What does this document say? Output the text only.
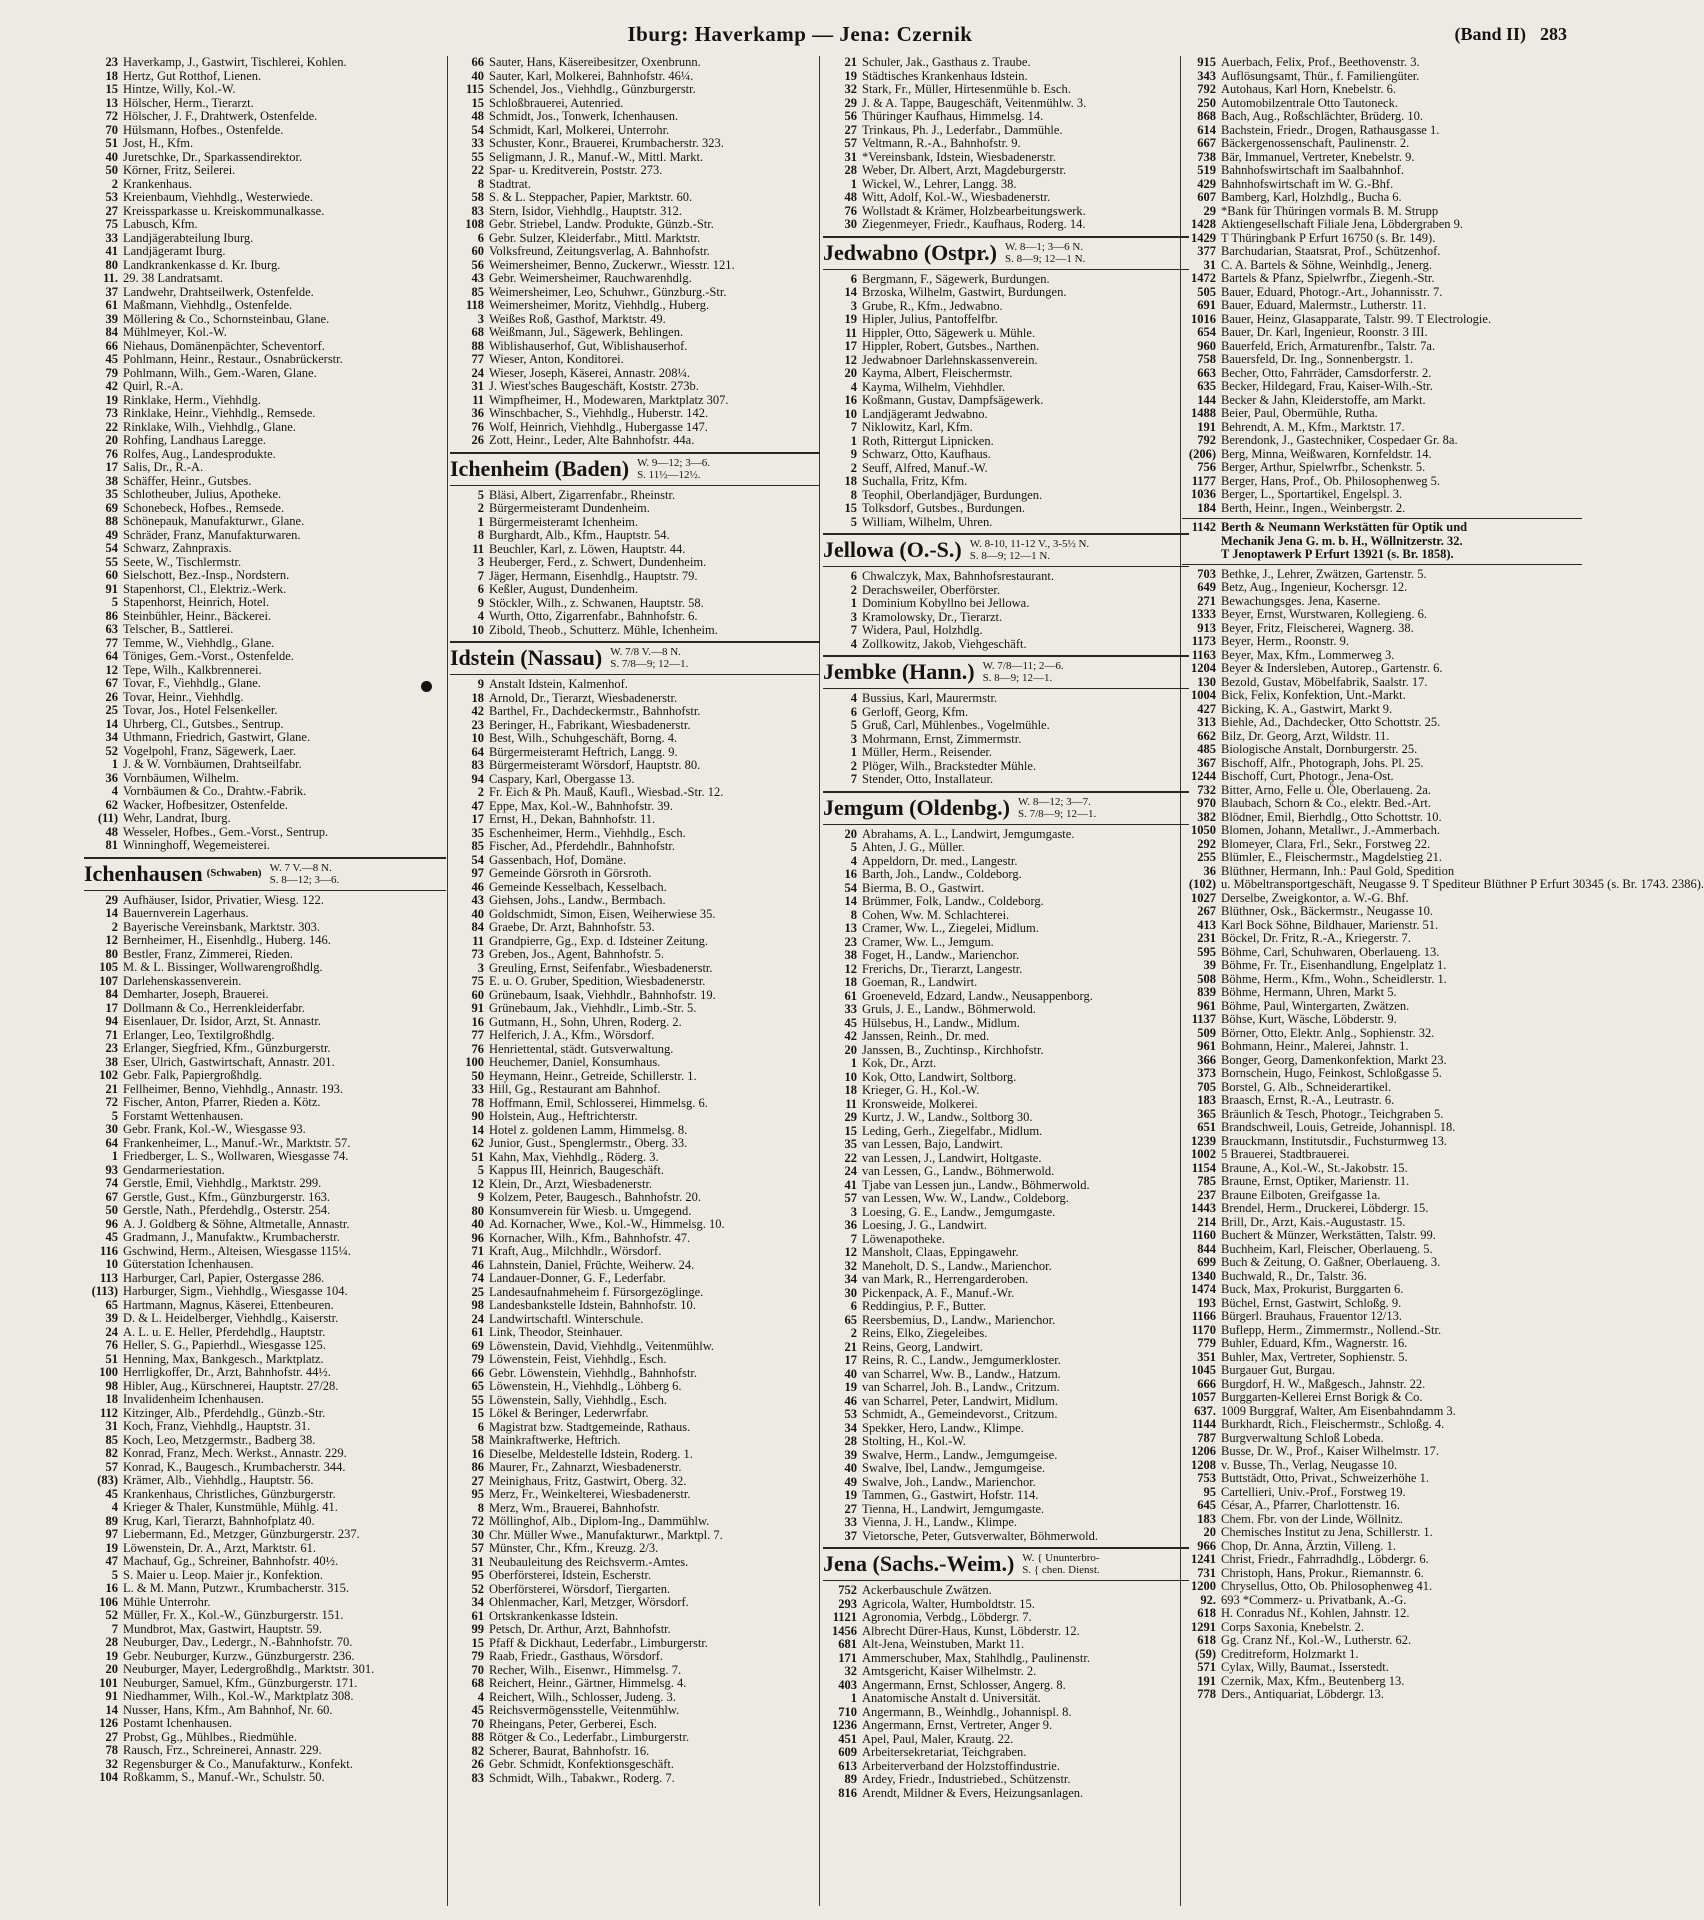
Iburg: Haverkamp — Jena: Czernik	(Band II) 283
23 Haverkamp, J., Gastwirt, Tischlerei, Kohlen.
18 Hertz, Gut Rotthof, Lienen.
15 Hintze, Willy, Kol.-W.
13 Hölscher, Herm., Tierarzt.
72 Hölscher, J. F., Drahtwerk, Ostenfelde.
70 Hülsmann, Hofbes., Ostenfelde.
51 Jost, H., Kfm.
40 Juretschke, Dr., Sparkassendirektor.
50 Körner, Fritz, Seilerei.
2 Krankenhaus.
53 Kreienbaum, Viehhdlg., Westerwiede.
27 Kreissparkasse u. Kreiskommunalkasse.
75 Labusch, Kfm.
33 Landjägerabteilung Iburg.
41 Landjägeramt Iburg.
80 Landkrankenkasse d. Kr. Iburg.
11. 29. 38 Landratsamt.
37 Landwehr, Drahtseilwerk, Ostenfelde.
61 Maßmann, Viehhdlg., Ostenfelde.
39 Möllering & Co., Schornsteinbau, Glane.
84 Mühlmeyer, Kol.-W.
66 Niehaus, Domänenpächter, Scheventorf.
45 Pohlmann, Heinr., Restaur., Osnabrückerstr.
79 Pohlmann, Wilh., Gem.-Waren, Glane.
42 Quirl, R.-A.
19 Rinklake, Herm., Viehhdlg.
73 Rinklake, Heinr., Viehhdlg., Remsede.
22 Rinklake, Wilh., Viehhdlg., Glane.
20 Rohfing, Landhaus Laregge.
76 Rolfes, Aug., Landesprodukte.
17 Salis, Dr., R.-A.
38 Schäffer, Heinr., Gutsbes.
35 Schlotheuber, Julius, Apotheke.
69 Schonebeck, Hofbes., Remsede.
88 Schönepauk, Manufakturwr., Glane.
49 Schräder, Franz, Manufakturwaren.
54 Schwarz, Zahnpraxis.
55 Seete, W., Tischlermstr.
60 Sielschott, Bez.-Insp., Nordstern.
91 Stapenhorst, Cl., Elektriz.-Werk.
5 Stapenhorst, Heinrich, Hotel.
86 Steinbühler, Heinr., Bäckerei.
63 Telscher, B., Sattlerei.
77 Temme, W., Viehhdlg., Glane.
64 Töniges, Gem.-Vorst., Ostenfelde.
12 Tepe, Wilh., Kalkbrennerei.
67 Tovar, F., Viehhdlg., Glane.
26 Tovar, Heinr., Viehhdlg.
25 Tovar, Jos., Hotel Felsenkeller.
14 Uhrberg, Cl., Gutsbes., Sentrup.
34 Uthmann, Friedrich, Gastwirt, Glane.
52 Vogelpohl, Franz, Sägewerk, Laer.
1 J. & W. Vornbäumen, Drahtseilfabr.
36 Vornbäumen, Wilhelm.
4 Vornbäumen & Co., Drahtw.-Fabrik.
62 Wacker, Hofbesitzer, Ostenfelde.
(11) Wehr, Landrat, Iburg.
48 Wesseler, Hofbes., Gem.-Vorst., Sentrup.
81 Winninghoff, Wegemeisterei.
Ichenhausen (Schwaben) W. 7 V.—8 N.
S. 8—12; 3—6.
29 Aufhäuser, Isidor, Privatier, Wiesg. 122.
14 Bauernverein Lagerhaus.
2 Bayerische Vereinsbank, Marktstr. 303.
12 Bernheimer, H., Eisenhdlg., Huberg. 146.
80 Bestler, Franz, Zimmerei, Rieden.
105 M. & L. Bissinger, Wollwarengroßhdlg.
107 Darlehenskassenverein.
84 Demharter, Joseph, Brauerei.
17 Dollmann & Co., Herrenkleiderfabr.
94 Eisenlauer, Dr. Isidor, Arzt, St. Annastr.
71 Erlanger, Leo, Textilgroßhdlg.
23 Erlanger, Siegfried, Kfm., Günzburgerstr.
38 Eser, Ulrich, Gastwirtschaft, Annastr. 201.
102 Gebr. Falk, Papiergroßhdlg.
21 Fellheimer, Benno, Viehhdlg., Annastr. 193.
72 Fischer, Anton, Pfarrer, Rieden a. Kötz.
5 Forstamt Wettenhausen.
30 Gebr. Frank, Kol.-W., Wiesgasse 93.
64 Frankenheimer, L., Manuf.-Wr., Marktstr. 57.
1 Friedberger, L. S., Wollwaren, Wiesgasse 74.
93 Gendarmeriestation.
74 Gerstle, Emil, Viehhdlg., Marktstr. 299.
67 Gerstle, Gust., Kfm., Günzburgerstr. 163.
50 Gerstle, Nath., Pferdehdlg., Osterstr. 254.
96 A. J. Goldberg & Söhne, Altmetalle, Annastr.
45 Gradmann, J., Manufaktw., Krumbacherstr.
116 Gschwind, Herm., Alteisen, Wiesgasse 115¼.
10 Güterstation Ichenhausen.
113 Harburger, Carl, Papier, Ostergasse 286.
(113) Harburger, Sigm., Viehhdlg., Wiesgasse 104.
65 Hartmann, Magnus, Käserei, Ettenbeuren.
39 D. & L. Heidelberger, Viehhdlg., Kaiserstr.
24 A. L. u. E. Heller, Pferdehdlg., Hauptstr.
76 Heller, S. G., Papierhdl., Wiesgasse 125.
51 Henning, Max, Bankgesch., Marktplatz.
100 Herrligkoffer, Dr., Arzt, Bahnhofstr. 44½.
98 Hibler, Aug., Kürschnerei, Hauptstr. 27/28.
18 Invalidenheim Ichenhausen.
112 Kitzinger, Alb., Pferdehdlg., Günzb.-Str.
31 Koch, Franz, Viehhdlg., Hauptstr. 31.
85 Koch, Leo, Metzgermstr., Badberg 38.
82 Konrad, Franz, Mech. Werkst., Annastr. 229.
57 Konrad, K., Baugesch., Krumbacherstr. 344.
(83) Krämer, Alb., Viehhdlg., Hauptstr. 56.
45 Krankenhaus, Christliches, Günzburgerstr.
4 Krieger & Thaler, Kunstmühle, Mühlg. 41.
89 Krug, Karl, Tierarzt, Bahnhofplatz 40.
97 Liebermann, Ed., Metzger, Günzburgerstr. 237.
19 Löwenstein, Dr. A., Arzt, Marktstr. 61.
47 Machauf, Gg., Schreiner, Bahnhofstr. 40½.
5 S. Maier u. Leop. Maier jr., Konfektion.
16 L. & M. Mann, Putzwr., Krumbacherstr. 315.
106 Mühle Unterrohr.
52 Müller, Fr. X., Kol.-W., Günzburgerstr. 151.
7 Mundbrot, Max, Gastwirt, Hauptstr. 59.
28 Neuburger, Dav., Ledergr., N.-Bahnhofstr. 70.
19 Gebr. Neuburger, Kurzw., Günzburgerstr. 236.
20 Neuburger, Mayer, Ledergroßhdlg., Marktstr. 301.
101 Neuburger, Samuel, Kfm., Günzburgerstr. 171.
91 Niedhammer, Wilh., Kol.-W., Marktplatz 308.
14 Nusser, Hans, Kfm., Am Bahnhof, Nr. 60.
126 Postamt Ichenhausen.
27 Probst, Gg., Mühlbes., Riedmühle.
78 Rausch, Frz., Schreinerei, Annastr. 229.
32 Regensburger & Co., Manufakturw., Konfekt.
104 Roßkamm, S., Manuf.-Wr., Schulstr. 50.
66 Sauter, Hans, Käsereibesitzer, Oxenbrunn.
40 Sauter, Karl, Molkerei, Bahnhofstr. 46¼.
115 Schendel, Jos., Viehhdlg., Günzburgerstr.
15 Schloßbrauerei, Autenried.
48 Schmidt, Jos., Tonwerk, Ichenhausen.
54 Schmidt, Karl, Molkerei, Unterrohr.
33 Schuster, Konr., Brauerei, Krumbacherstr. 323.
55 Seligmann, J. R., Manuf.-W., Mittl. Markt.
22 Spar- u. Kreditverein, Poststr. 273.
8 Stadtrat.
58 S. & L. Steppacher, Papier, Marktstr. 60.
83 Stern, Isidor, Viehhdlg., Hauptstr. 312.
108 Gebr. Striebel, Landw. Produkte, Günzb.-Str.
6 Gebr. Sulzer, Kleiderfabr., Mittl. Marktstr.
60 Volksfreund, Zeitungsverlag, A. Bahnhofstr.
56 Weimersheimer, Benno, Zuckerwr., Wiesstr. 121.
43 Gebr. Weimersheimer, Rauchwarenhdlg.
85 Weimersheimer, Leo, Schuhwr., Günzburg.-Str.
118 Weimersheimer, Moritz, Viehhdlg., Huberg.
3 Weißes Roß, Gasthof, Marktstr. 49.
68 Weißmann, Jul., Sägewerk, Behlingen.
88 Wiblishauserhof, Gut, Wiblishauserhof.
77 Wieser, Anton, Konditorei.
24 Wieser, Joseph, Käserei, Annastr. 208¼.
31 J. Wiest'sches Baugeschäft, Koststr. 273b.
11 Wimpfheimer, H., Modewaren, Marktplatz 307.
36 Winschbacher, S., Viehhdlg., Huberstr. 142.
76 Wolf, Heinrich, Viehhdlg., Hubergasse 147.
26 Zott, Heinr., Leder, Alte Bahnhofstr. 44a.
Ichenheim (Baden) W. 9—12; 3—6.
S. 11½—12½.
5 Bläsi, Albert, Zigarrenfabr., Rheinstr.
2 Bürgermeisteramt Dundenheim.
1 Bürgermeisteramt Ichenheim.
8 Burghardt, Alb., Kfm., Hauptstr. 54.
11 Beuchler, Karl, z. Löwen, Hauptstr. 44.
3 Heuberger, Ferd., z. Schwert, Dundenheim.
7 Jäger, Hermann, Eisenhdlg., Hauptstr. 79.
6 Keßler, August, Dundenheim.
9 Stöckler, Wilh., z. Schwanen, Hauptstr. 58.
4 Wurth, Otto, Zigarrenfabr., Bahnhofstr. 6.
10 Zibold, Theob., Schutterz. Mühle, Ichenheim.
Idstein (Nassau) W. 7/8 V.—8 N.
S. 7/8—9; 12—1.
9 Anstalt Idstein, Kalmenhof.
18 Arnold, Dr., Tierarzt, Wiesbadenerstr.
42 Barthel, Fr., Dachdeckermstr., Bahnhofstr.
23 Beringer, H., Fabrikant, Wiesbadenerstr.
10 Best, Wilh., Schuhgeschäft, Borng. 4.
64 Bürgermeisteramt Heftrich, Langg. 9.
83 Bürgermeisteramt Wörsdorf, Hauptstr. 80.
94 Caspary, Karl, Obergasse 13.
2 Fr. Eich & Ph. Mauß, Kaufl., Wiesbad.-Str. 12.
47 Eppe, Max, Kol.-W., Bahnhofstr. 39.
17 Ernst, H., Dekan, Bahnhofstr. 11.
35 Eschenheimer, Herm., Viehhdlg., Esch.
85 Fischer, Ad., Pferdehdlr., Bahnhofstr.
54 Gassenbach, Hof, Domäne.
97 Gemeinde Görsroth in Görsroth.
46 Gemeinde Kesselbach, Kesselbach.
43 Giehsen, Johs., Landw., Bermbach.
40 Goldschmidt, Simon, Eisen, Weiherwiese 35.
84 Graebe, Dr. Arzt, Bahnhofstr. 53.
11 Grandpierre, Gg., Exp. d. Idsteiner Zeitung.
73 Greben, Jos., Agent, Bahnhofstr. 5.
3 Greuling, Ernst, Seifenfabr., Wiesbadenerstr.
75 E. u. O. Gruber, Spedition, Wiesbadenerstr.
60 Grünebaum, Isaak, Viehhdlr., Bahnhofstr. 19.
91 Grünebaum, Jak., Viehhdlr., Limb.-Str. 5.
16 Gutmann, H., Sohn, Uhren, Roderg. 2.
77 Helferich, J. A., Kfm., Wörsdorf.
76 Henriettental, städt. Gutsverwaltung.
100 Heuchemer, Daniel, Konsumhaus.
50 Heymann, Heinr., Getreide, Schillerstr. 1.
33 Hill, Gg., Restaurant am Bahnhof.
78 Hoffmann, Emil, Schlosserei, Himmelsg. 6.
90 Holstein, Aug., Heftrichterstr.
14 Hotel z. goldenen Lamm, Himmelsg. 8.
62 Junior, Gust., Spenglermstr., Oberg. 33.
51 Kahn, Max, Viehhdlg., Röderg. 3.
5 Kappus III, Heinrich, Baugeschäft.
12 Klein, Dr., Arzt, Wiesbadenerstr.
9 Kolzem, Peter, Baugesch., Bahnhofstr. 20.
80 Konsumverein für Wiesb. u. Umgegend.
40 Ad. Kornacher, Wwe., Kol.-W., Himmelsg. 10.
96 Kornacher, Wilh., Kfm., Bahnhofstr. 47.
71 Kraft, Aug., Milchhdlr., Wörsdorf.
46 Lahnstein, Daniel, Früchte, Weiherw. 24.
74 Landauer-Donner, G. F., Lederfabr.
25 Landesaufnahmeheim f. Fürsorgezöglinge.
98 Landesbankstelle Idstein, Bahnhofstr. 10.
24 Landwirtschaftl. Winterschule.
61 Link, Theodor, Steinhauer.
69 Löwenstein, David, Viehhdlg., Veitenmühlw.
79 Löwenstein, Feist, Viehhdlg., Esch.
66 Gebr. Löwenstein, Viehhdlg., Bahnhofstr.
65 Löwenstein, H., Viehhdlg., Löhberg 6.
55 Löwenstein, Sally, Viehhdlg., Esch.
15 Lökel & Beringer, Lederwrfabr.
6 Magistrat bzw. Stadtgemeinde, Rathaus.
58 Mainkraftwerke, Heftrich.
16 Dieselbe, Meldestelle Idstein, Roderg. 1.
86 Maurer, Fr., Zahnarzt, Wiesbadenerstr.
27 Meinighaus, Fritz, Gastwirt, Oberg. 32.
95 Merz, Fr., Weinkelterei, Wiesbadenerstr.
8 Merz, Wm., Brauerei, Bahnhofstr.
72 Möllinghof, Alb., Diplom-Ing., Dammühlw.
30 Chr. Müller Wwe., Manufakturwr., Marktpl. 7.
57 Münster, Chr., Kfm., Kreuzg. 2/3.
31 Neubauleitung des Reichsverm.-Amtes.
95 Oberförsterei, Idstein, Escherstr.
52 Oberförsterei, Wörsdorf, Tiergarten.
34 Ohlenmacher, Karl, Metzger, Wörsdorf.
61 Ortskrankenkasse Idstein.
99 Petsch, Dr. Arthur, Arzt, Bahnhofstr.
15 Pfaff & Dickhaut, Lederfabr., Limburgerstr.
79 Raab, Friedr., Gasthaus, Wörsdorf.
70 Recher, Wilh., Eisenwr., Himmelsg. 7.
68 Reichert, Heinr., Gärtner, Himmelsg. 4.
4 Reichert, Wilh., Schlosser, Judeng. 3.
45 Reichsvermögensstelle, Veitenmühlw.
70 Rheingans, Peter, Gerberei, Esch.
88 Rötger & Co., Lederfabr., Limburgerstr.
82 Scherer, Baurat, Bahnhofstr. 16.
26 Gebr. Schmidt, Konfektionsgeschäft.
83 Schmidt, Wilh., Tabakwr., Roderg. 7.
21 Schuler, Jak., Gasthaus z. Traube.
19 Städtisches Krankenhaus Idstein.
32 Stark, Fr., Müller, Hirtesenmühle b. Esch.
29 J. & A. Tappe, Baugeschäft, Veitenmühlw. 3.
56 Thüringer Kaufhaus, Himmelsg. 14.
27 Trinkaus, Ph. J., Lederfabr., Dammühle.
57 Veltmann, R.-A., Bahnhofstr. 9.
31 *Vereinsbank, Idstein, Wiesbadenerstr.
28 Weber, Dr. Albert, Arzt, Magdeburgerstr.
1 Wickel, W., Lehrer, Langg. 38.
48 Witt, Adolf, Kol.-W., Wiesbadenerstr.
76 Wollstadt & Krämer, Holzbearbeitungswerk.
30 Ziegenmeyer, Friedr., Kaufhaus, Roderg. 14.
Jedwabno (Ostpr.) W. 8—1; 3—6 N.
S. 8—9; 12—1 N.
6 Bergmann, F., Sägewerk, Burdungen.
14 Brzoska, Wilhelm, Gastwirt, Burdungen.
3 Grube, R., Kfm., Jedwabno.
19 Hipler, Julius, Pantoffelfbr.
11 Hippler, Otto, Sägewerk u. Mühle.
17 Hippler, Robert, Gutsbes., Narthen.
12 Jedwabnoer Darlehnskassenverein.
20 Kayma, Albert, Fleischermstr.
4 Kayma, Wilhelm, Viehhdler.
16 Koßmann, Gustav, Dampfsägewerk.
10 Landjägeramt Jedwabno.
7 Niklowitz, Karl, Kfm.
1 Roth, Rittergut Lipnicken.
9 Schwarz, Otto, Kaufhaus.
2 Seuff, Alfred, Manuf.-W.
18 Suchalla, Fritz, Kfm.
8 Teophil, Oberlandjäger, Burdungen.
15 Tolksdorf, Gutsbes., Burdungen.
5 William, Wilhelm, Uhren.
Jellowa (O.-S.) W. 8-10, 11-12 V., 3-5½ N.
S. 8—9; 12—1 N.
6 Chwalczyk, Max, Bahnhofsrestaurant.
2 Derachsweiler, Oberförster.
1 Dominium Kobyllno bei Jellowa.
3 Kramolowsky, Dr., Tierarzt.
7 Widera, Paul, Holzhdlg.
4 Zollkowitz, Jakob, Viehgeschäft.
Jembke (Hann.) W. 7/8—11; 2—6.
S. 8—9; 12—1.
4 Bussius, Karl, Maurermstr.
6 Gerloff, Georg, Kfm.
5 Gruß, Carl, Mühlenbes., Vogelmühle.
3 Mohrmann, Ernst, Zimmermstr.
1 Müller, Herm., Reisender.
2 Plöger, Wilh., Brackstedter Mühle.
7 Stender, Otto, Installateur.
Jemgum (Oldenbg.) W. 8—12; 3—7.
S. 7/8—9; 12—1.
20 Abrahams, A. L., Landwirt, Jemgumgaste.
5 Ahten, J. G., Müller.
4 Appeldorn, Dr. med., Langestr.
16 Barth, Joh., Landw., Coldeborg.
54 Bierma, B. O., Gastwirt.
14 Brümmer, Folk, Landw., Coldeborg.
8 Cohen, Ww. M. Schlachterei.
13 Cramer, Ww. L., Ziegelei, Midlum.
23 Cramer, Ww. L., Jemgum.
38 Foget, H., Landw., Marienchor.
12 Frerichs, Dr., Tierarzt, Langestr.
18 Goeman, R., Landwirt.
61 Groeneveld, Edzard, Landw., Neusappenborg.
33 Gruls, J. E., Landw., Böhmerwold.
45 Hülsebus, H., Landw., Midlum.
42 Janssen, Reinh., Dr. med.
20 Janssen, B., Zuchtinsp., Kirchhofstr.
1 Kok, Dr., Arzt.
10 Kok, Otto, Landwirt, Soltborg.
18 Krieger, G. H., Kol.-W.
11 Kronsweide, Molkerei.
29 Kurtz, J. W., Landw., Soltborg 30.
15 Leding, Gerh., Ziegelfabr., Midlum.
35 van Lessen, Bajo, Landwirt.
22 van Lessen, J., Landwirt, Holtgaste.
24 van Lessen, G., Landw., Böhmerwold.
41 Tjabe van Lessen jun., Landw., Böhmerwold.
57 van Lessen, Ww. W., Landw., Coldeborg.
3 Loesing, G. E., Landw., Jemgumgaste.
36 Loesing, J. G., Landwirt.
7 Löwenapotheke.
12 Mansholt, Claas, Eppingawehr.
32 Maneholt, D. S., Landw., Marienchor.
34 van Mark, R., Herrengarderoben.
30 Pickenpack, A. F., Manuf.-Wr.
6 Reddingius, P. F., Butter.
65 Reersbemius, D., Landw., Marienchor.
2 Reins, Elko, Ziegeleibes.
21 Reins, Georg, Landwirt.
17 Reins, R. C., Landw., Jemgumerkloster.
40 van Scharrel, Ww. B., Landw., Hatzum.
19 van Scharrel, Joh. B., Landw., Critzum.
46 van Scharrel, Peter, Landwirt, Midlum.
53 Schmidt, A., Gemeindevorst., Critzum.
34 Spekker, Hero, Landw., Klimpe.
28 Stolting, H., Kol.-W.
39 Swalve, Herm., Landw., Jemgumgeise.
40 Swalve, Ibel, Landw., Jemgumgeise.
49 Swalve, Joh., Landw., Marienchor.
19 Tammen, G., Gastwirt, Hofstr. 114.
27 Tienna, H., Landwirt, Jemgumgaste.
33 Vienna, J. H., Landw., Klimpe.
37 Vietorsche, Peter, Gutsverwalter, Böhmerwold.
Jena (Sachs.-Weim.) W. { Ununterbro-
S. { chen. Dienst.
752 Ackerbauschule Zwätzen.
293 Agricola, Walter, Humboldtstr. 15.
1121 Agronomia, Verbdg., Löbdergr. 7.
1456 Albrecht Dürer-Haus, Kunst, Löbderstr. 12.
681 Alt-Jena, Weinstuben, Markt 11.
171 Ammerschuber, Max, Stahlhdlg., Paulinenstr.
32 Amtsgericht, Kaiser Wilhelmstr. 2.
403 Angermann, Ernst, Schlosser, Angerg. 8.
1 Anatomische Anstalt d. Universität.
710 Angermann, B., Weinhdlg., Johannispl. 8.
1236 Angermann, Ernst, Vertreter, Anger 9.
451 Apel, Paul, Maler, Krautg. 22.
609 Arbeitersekretariat, Teichgraben.
613 Arbeiterverband der Holzstoffindustrie.
89 Ardey, Friedr., Industriebed., Schützenstr.
816 Arendt, Mildner & Evers, Heizungsanlagen.
915 Auerbach, Felix, Prof., Beethovenstr. 3.
343 Auflösungsamt, Thür., f. Familiengüter.
792 Autohaus, Karl Horn, Knebelstr. 6.
250 Automobilzentrale Otto Tautoneck.
868 Bach, Aug., Roßschlächter, Brüderg. 10.
614 Bachstein, Friedr., Drogen, Rathausgasse 1.
667 Bäckergenossenschaft, Paulinenstr. 2.
738 Bär, Immanuel, Vertreter, Knebelstr. 9.
519 Bahnhofswirtschaft im Saalbahnhof.
429 Bahnhofswirtschaft im W. G.-Bhf.
607 Bamberg, Karl, Holzhdlg., Bucha 6.
29 *Bank für Thüringen vormals B. M. Strupp
1428 Aktiengesellschaft Filiale Jena, Löbdergraben 9.
1429 T Thüringbank P Erfurt 16750 (s. Br. 149).
377 Barchudarian, Staatsrat, Prof., Schützenhof.
31 C. A. Bartels & Söhne, Weinhdlg., Jenerg.
1472 Bartels & Pfanz, Spielwrfbr., Ziegenh.-Str.
505 Bauer, Eduard, Photogr.-Art., Johannisstr. 7.
691 Bauer, Eduard, Malermstr., Lutherstr. 11.
1016 Bauer, Heinz, Glasapparate, Talstr. 99. T Electrologie.
654 Bauer, Dr. Karl, Ingenieur, Roonstr. 3 III.
960 Bauerfeld, Erich, Armaturenfbr., Talstr. 7a.
758 Bauersfeld, Dr. Ing., Sonnenbergstr. 1.
663 Becher, Otto, Fahrräder, Camsdorferstr. 2.
635 Becker, Hildegard, Frau, Kaiser-Wilh.-Str.
144 Becker & Jahn, Kleiderstoffe, am Markt.
1488 Beier, Paul, Obermühle, Rutha.
191 Behrendt, A. M., Kfm., Marktstr. 17.
792 Berendonk, J., Gastechniker, Cospedaer Gr. 8a.
(206) Berg, Minna, Weißwaren, Kornfeldstr. 14.
756 Berger, Arthur, Spielwrfbr., Schenkstr. 5.
1177 Berger, Hans, Prof., Ob. Philosophenweg 5.
1036 Berger, L., Sportartikel, Engelspl. 3.
184 Berth, Heinr., Ingen., Weinbergstr. 2.
1142 Berth & Neumann Werkstätten für Optik und
Mechanik Jena G. m. b. H., Wöllnitzerstr. 32.
T Jenoptawerk P Erfurt 13921 (s. Br. 1858).
703 Bethke, J., Lehrer, Zwätzen, Gartenstr. 5.
649 Betz, Aug., Ingenieur, Kochersgr. 12.
271 Bewachungsges. Jena, Kaserne.
1333 Beyer, Ernst, Wurstwaren, Kollegieng. 6.
913 Beyer, Fritz, Fleischerei, Wagnerg. 38.
1173 Beyer, Herm., Roonstr. 9.
1163 Beyer, Max, Kfm., Lommerweg 3.
1204 Beyer & Indersleben, Autorep., Gartenstr. 6.
130 Bezold, Gustav, Möbelfabrik, Saalstr. 17.
1004 Bick, Felix, Konfektion, Unt.-Markt.
427 Bicking, K. A., Gastwirt, Markt 9.
313 Biehle, Ad., Dachdecker, Otto Schottstr. 25.
662 Bilz, Dr. Georg, Arzt, Wildstr. 11.
485 Biologische Anstalt, Dornburgerstr. 25.
367 Bischoff, Alfr., Photograph, Johs. Pl. 25.
1244 Bischoff, Curt, Photogr., Jena-Ost.
732 Bitter, Arno, Felle u. Öle, Oberlaueng. 2a.
970 Blaubach, Schorn & Co., elektr. Bed.-Art.
382 Blödner, Emil, Bierhdlg., Otto Schottstr. 10.
1050 Blomen, Johann, Metallwr., J.-Ammerbach.
292 Blomeyer, Clara, Frl., Sekr., Forstweg 22.
255 Blümler, E., Fleischermstr., Magdelstieg 21.
36 Blüthner, Hermann, Inh.: Paul Gold, Spedition
(102) u. Möbeltransportgeschäft, Neugasse 9. T Spediteur Blüthner P Erfurt 30345 (s. Br. 1743. 2386).
1027 Derselbe, Zweigkontor, a. W.-G. Bhf.
267 Blüthner, Osk., Bäckermstr., Neugasse 10.
413 Karl Bock Söhne, Bildhauer, Marienstr. 51.
231 Böckel, Dr. Fritz, R.-A., Kriegerstr. 7.
595 Böhme, Carl, Schuhwaren, Oberlaueng. 13.
39 Böhme, Fr. Tr., Eisenhandlung, Engelplatz 1.
508 Böhme, Herm., Kfm., Wohn., Scheidlerstr. 1.
839 Böhme, Hermann, Uhren, Markt 5.
961 Böhme, Paul, Wintergarten, Zwätzen.
1137 Böhse, Kurt, Wäsche, Löbderstr. 9.
509 Börner, Otto, Elektr. Anlg., Sophienstr. 32.
961 Bohmann, Heinr., Malerei, Jahnstr. 1.
366 Bonger, Georg, Damenkonfektion, Markt 23.
373 Bornschein, Hugo, Feinkost, Schloßgasse 5.
705 Borstel, G. Alb., Schneiderartikel.
183 Braasch, Ernst, R.-A., Leutrastr. 6.
365 Bräunlich & Tesch, Photogr., Teichgraben 5.
651 Brandschweil, Louis, Getreide, Johannispl. 18.
1239 Brauckmann, Institutsdir., Fuchsturmweg 13.
1002 5 Brauerei, Stadtbrauerei.
1154 Braune, A., Kol.-W., St.-Jakobstr. 15.
785 Braune, Ernst, Optiker, Marienstr. 11.
237 Braune Eilboten, Greifgasse 1a.
1443 Brendel, Herm., Druckerei, Löbdergr. 15.
214 Brill, Dr., Arzt, Kais.-Augustastr. 15.
1160 Buchert & Münzer, Werkstätten, Talstr. 99.
844 Buchheim, Karl, Fleischer, Oberlaueng. 5.
699 Buch & Zeitung, O. Gaßner, Oberlaueng. 3.
1340 Buchwald, R., Dr., Talstr. 36.
1474 Buck, Max, Prokurist, Burggarten 6.
193 Büchel, Ernst, Gastwirt, Schloßg. 9.
1166 Bürgerl. Brauhaus, Frauentor 12/13.
1170 Buflepp, Herm., Zimmermstr., Nollend.-Str.
779 Buhler, Eduard, Kfm., Wagnerstr. 16.
351 Buhler, Max, Vertreter, Sophienstr. 5.
1045 Burgauer Gut, Burgau.
666 Burgdorf, H. W., Maßgesch., Jahnstr. 22.
1057 Burggarten-Kellerei Ernst Borigk & Co.
637. 1009 Burggraf, Walter, Am Eisenbahndamm 3.
1144 Burkhardt, Rich., Fleischermstr., Schloßg. 4.
787 Burgverwaltung Schloß Lobeda.
1206 Busse, Dr. W., Prof., Kaiser Wilhelmstr. 17.
1208 v. Busse, Th., Verlag, Neugasse 10.
753 Buttstädt, Otto, Privat., Schweizerhöhe 1.
95 Cartellieri, Univ.-Prof., Forstweg 19.
645 César, A., Pfarrer, Charlottenstr. 16.
183 Chem. Fbr. von der Linde, Wöllnitz.
20 Chemisches Institut zu Jena, Schillerstr. 1.
966 Chop, Dr. Anna, Ärztin, Villeng. 1.
1241 Christ, Friedr., Fahrradhdlg., Löbdergr. 6.
731 Christoph, Hans, Prokur., Riemannstr. 6.
1200 Chrysellus, Otto, Ob. Philosophenweg 41.
92. 693 *Commerz- u. Privatbank, A.-G.
618 H. Conradus Nf., Kohlen, Jahnstr. 12.
1291 Corps Saxonia, Knebelstr. 2.
618 Gg. Cranz Nf., Kol.-W., Lutherstr. 62.
(59) Creditreform, Holzmarkt 1.
571 Cylax, Willy, Baumat., Isserstedt.
191 Czernik, Max, Kfm., Beutenberg 13.
778 Ders., Antiquariat, Löbdergr. 13.
